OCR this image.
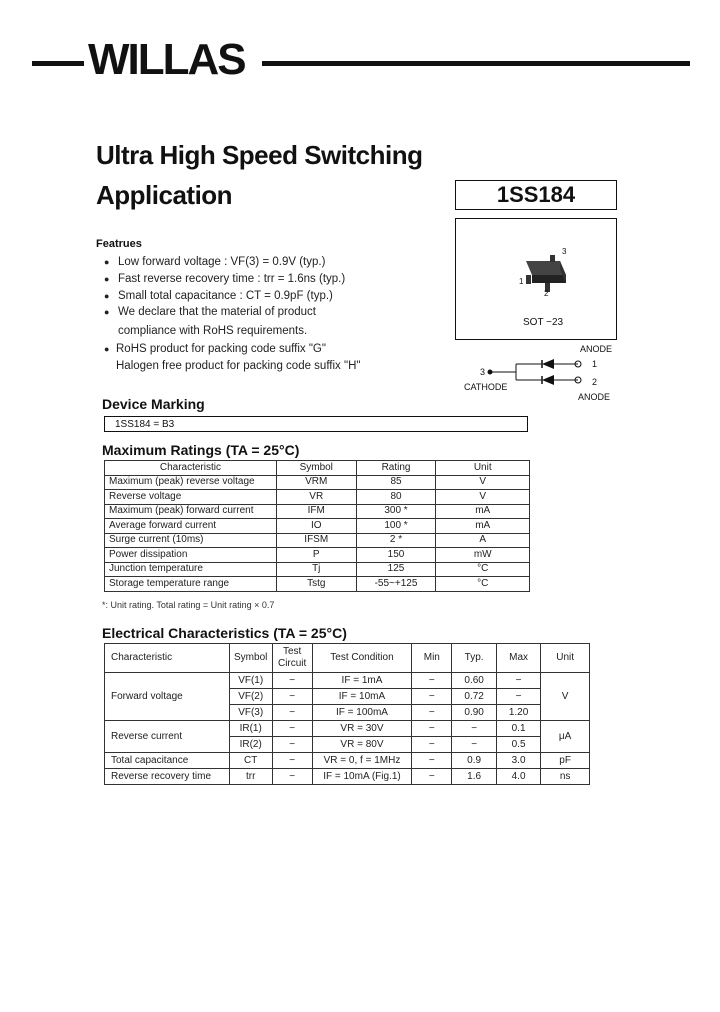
WILLAS
Ultra High Speed Switching
Application	1SS184
3
1
2
SOT −23
ANODE
1
3
CATHODE	2
ANODE
Featrues
● Low forward voltage : VF(3) = 0.9V (typ.)
● Fast reverse recovery time : trr = 1.6ns (typ.)
● Small total capacitance : CT = 0.9pF (typ.)
● We declare that the material of product
compliance with RoHS requirements.
● RoHS product for packing code suffix "G"
Halogen free product for packing code suffix "H"
Device Marking
1SS184 = B3
Maximum Ratings (TA = 25°C)
Characteristic	Symbol	Rating	Unit
Maximum (peak) reverse voltage	VRM	85	V
Reverse voltage	VR	80	V
Maximum (peak) forward current	IFM	300 *	mA
Average forward current	IO	100 *	mA
Surge current (10ms)	IFSM	2 *	A
Power dissipation	P	150	mW
Junction temperature	Tj	125	°C
Storage temperature range	Tstg	-55~+125	°C
*: Unit rating. Total rating = Unit rating × 0.7
Electrical Characteristics (TA = 25°C)
Characteristic	Symbol	Test Circuit	Test Condition	Min	Typ.	Max	Unit
Forward voltage	VF(1)	−	IF = 1mA	−	0.60	−	V
	VF(2)	−	IF = 10mA	−	0.72	−	
	VF(3)	−	IF = 100mA	−	0.90	1.20	
Reverse current	IR(1)	−	VR = 30V	−	−	0.1	μA
	IR(2)	−	VR = 80V	−	−	0.5	
Total capacitance	CT	−	VR = 0, f = 1MHz	−	0.9	3.0	pF
Reverse recovery time	trr	−	IF = 10mA (Fig.1)	−	1.6	4.0	ns
